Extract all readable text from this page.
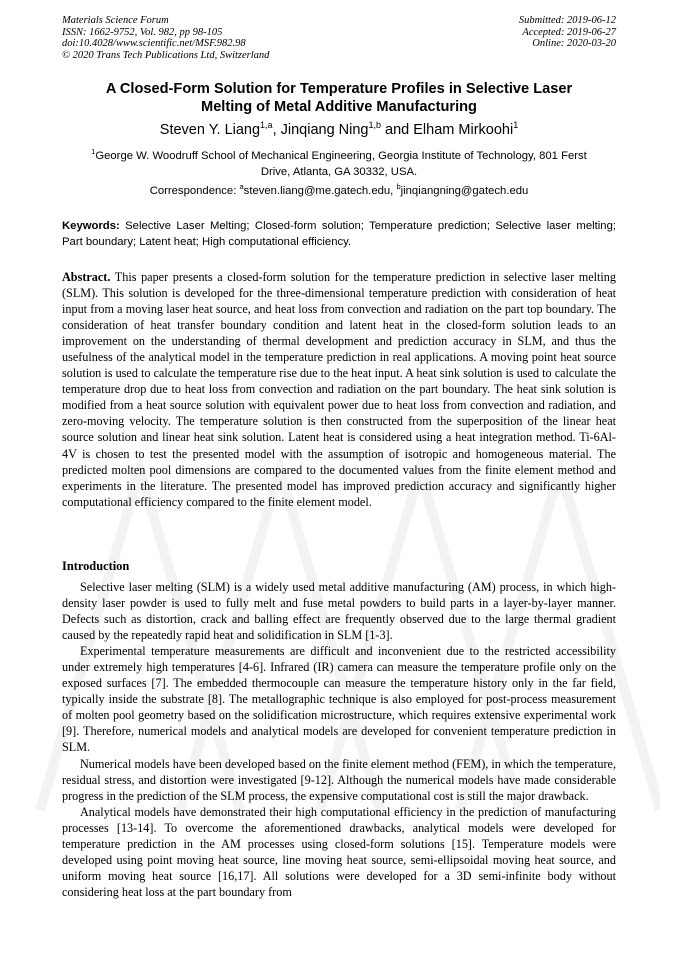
Materials Science Forum
ISSN: 1662-9752, Vol. 982, pp 98-105
doi:10.4028/www.scientific.net/MSF.982.98
© 2020 Trans Tech Publications Ltd, Switzerland
Submitted: 2019-06-12
Accepted: 2019-06-27
Online: 2020-03-20
A Closed-Form Solution for Temperature Profiles in Selective Laser
Melting of Metal Additive Manufacturing
Steven Y. Liang$^{1,a}$, Jinqiang Ning$^{1,b}$ and Elham Mirkoohi$^1$
$^1$George W. Woodruff School of Mechanical Engineering, Georgia Institute of Technology, 801 Ferst
Drive, Atlanta, GA 30332, USA.
Correspondence: $^a$steven.liang@me.gatech.edu, $^b$jinqiangning@gatech.edu
Keywords: Selective Laser Melting; Closed-form solution; Temperature prediction; Selective laser melting; Part boundary; Latent heat; High computational efficiency.
Abstract. This paper presents a closed-form solution for the temperature prediction in selective laser melting (SLM). This solution is developed for the three-dimensional temperature prediction with consideration of heat input from a moving laser heat source, and heat loss from convection and radiation on the part top boundary. The consideration of heat transfer boundary condition and latent heat in the closed-form solution leads to an improvement on the understanding of thermal development and prediction accuracy in SLM, and thus the usefulness of the analytical model in the temperature prediction in real applications. A moving point heat source solution is used to calculate the temperature rise due to the heat input. A heat sink solution is used to calculate the temperature drop due to heat loss from convection and radiation on the part boundary. The heat sink solution is modified from a heat source solution with equivalent power due to heat loss from convection and radiation, and zero-moving velocity. The temperature solution is then constructed from the superposition of the linear heat source solution and linear heat sink solution. Latent heat is considered using a heat integration method. Ti-6Al-4V is chosen to test the presented model with the assumption of isotropic and homogeneous material. The predicted molten pool dimensions are compared to the documented values from the finite element method and experiments in the literature. The presented model has improved prediction accuracy and significantly higher computational efficiency compared to the finite element model.
Introduction

Selective laser melting (SLM) is a widely used metal additive manufacturing (AM) process, in which high-density laser powder is used to fully melt and fuse metal powders to build parts in a layer-by-layer manner. Defects such as distortion, crack and balling effect are frequently observed due to the large thermal gradient caused by the repeatedly rapid heat and solidification in SLM [1-3].

Experimental temperature measurements are difficult and inconvenient due to the restricted accessibility under extremely high temperatures [4-6]. Infrared (IR) camera can measure the temperature profile only on the exposed surfaces [7]. The embedded thermocouple can measure the temperature history only in the far field, typically inside the substrate [8]. The metallographic technique is also employed for post-process measurement of molten pool geometry based on the solidification microstructure, which requires extensive experimental work [9]. Therefore, numerical models and analytical models are developed for convenient temperature prediction in SLM.

Numerical models have been developed based on the finite element method (FEM), in which the temperature, residual stress, and distortion were investigated [9-12]. Although the numerical models have made considerable progress in the prediction of the SLM process, the expensive computational cost is still the major drawback.

Analytical models have demonstrated their high computational efficiency in the prediction of manufacturing processes [13-14]. To overcome the aforementioned drawbacks, analytical models were developed for temperature prediction in the AM processes using closed-form solutions [15]. Temperature models were developed using point moving heat source, line moving heat source, semi-ellipsoidal moving heat source, and uniform moving heat source [16,17]. All solutions were developed for a 3D semi-infinite body without considering heat loss at the part boundary from
